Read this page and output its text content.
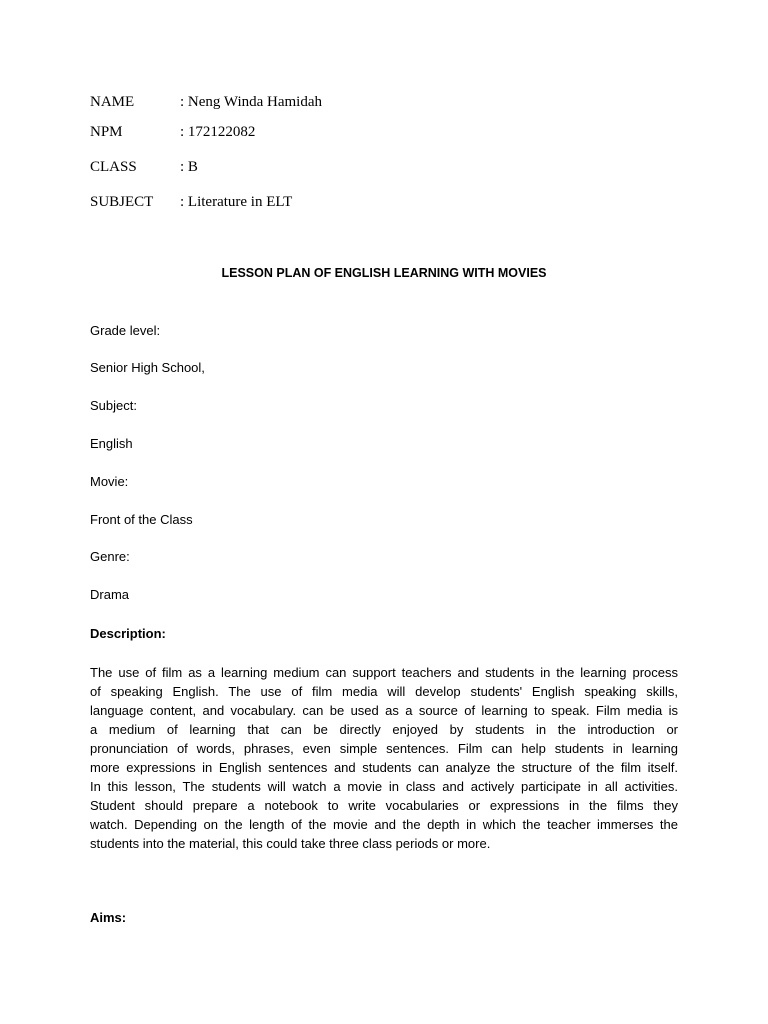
NAME	: Neng Winda Hamidah
NPM	: 172122082
CLASS	: B
SUBJECT : Literature in ELT
LESSON PLAN OF ENGLISH LEARNING WITH MOVIES
Grade level:
Senior High School,
Subject:
English
Movie:
Front of the Class
Genre:
Drama
Description:
The use of film as a learning medium can support teachers and students in the learning process
of speaking English. The use of film media will develop students' English speaking skills,
language content, and vocabulary. can be used as a source of learning to speak. Film media is
a medium of learning that can be directly enjoyed by students in the introduction or
pronunciation of words, phrases, even simple sentences. Film can help students in learning
more expressions in English sentences and students can analyze the structure of the film itself.
In this lesson, The students will watch a movie in class and actively participate in all activities.
Student should prepare a notebook to write vocabularies or expressions in the films they
watch. Depending on the length of the movie and the depth in which the teacher immerses the
students into the material, this could take three class periods or more.
Aims:
